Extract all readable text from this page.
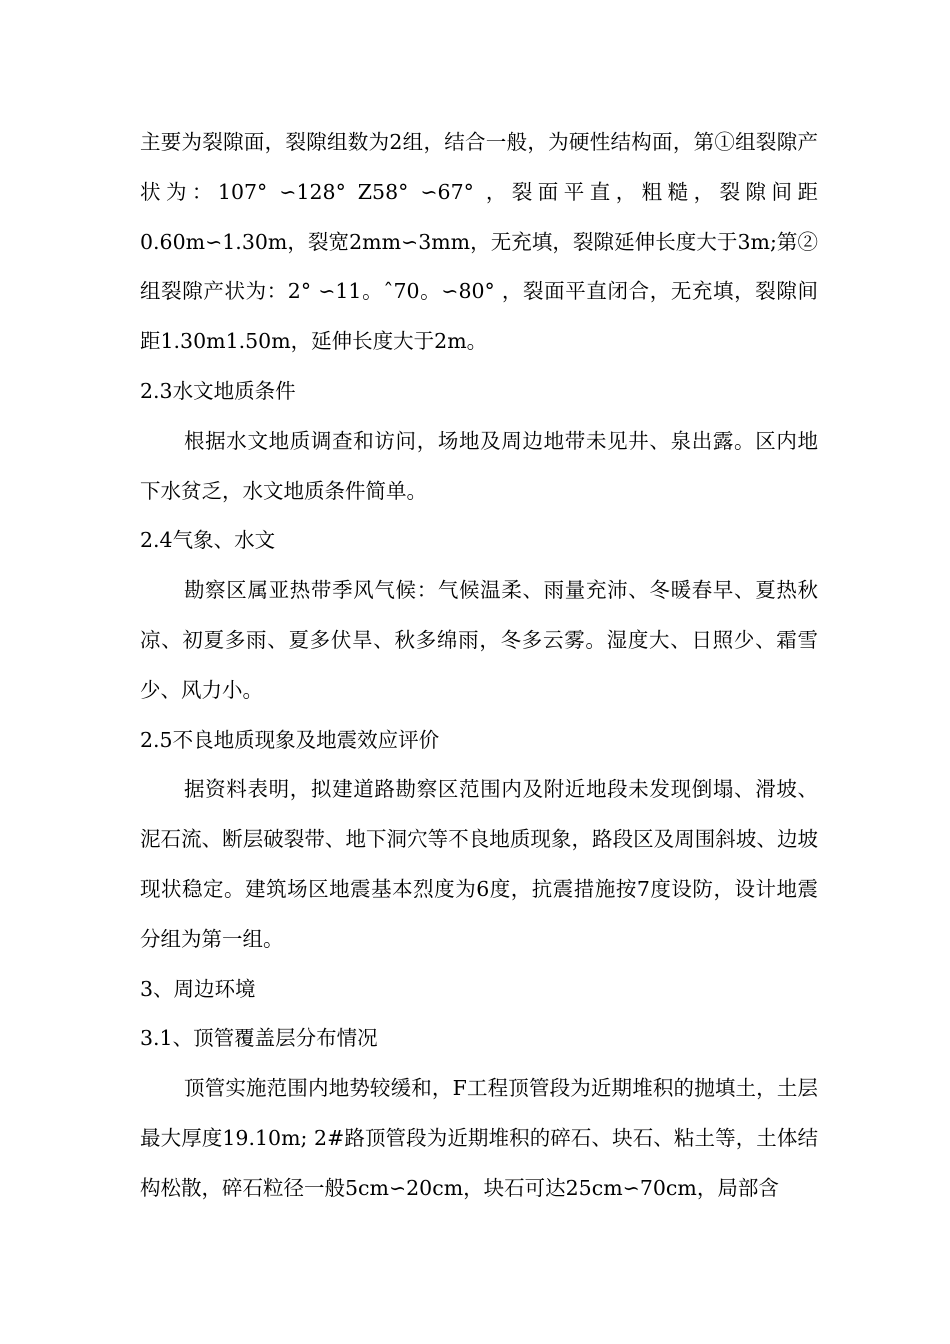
主要为裂隙面，裂隙组数为2组，结合一般，为硬性结构面，第①组裂隙产状为：107° ∽128° Z58° ∽67° ，裂面平直，粗糙，裂隙间距0.60m∽1.30m，裂宽2mm∽3mm，无充填，裂隙延伸长度大于3m;第②组裂隙产状为：2° ∽11。ˆ70。∽80° ，裂面平直闭合，无充填，裂隙间距1.30m1.50m，延伸长度大于2m。

2.3水文地质条件

根据水文地质调查和访问，场地及周边地带未见井、泉出露。区内地下水贫乏，水文地质条件简单。

2.4气象、水文

勘察区属亚热带季风气候：气候温柔、雨量充沛、冬暖春早、夏热秋凉、初夏多雨、夏多伏旱、秋多绵雨，冬多云雾。湿度大、日照少、霜雪少、风力小。

2.5不良地质现象及地震效应评价

据资料表明，拟建道路勘察区范围内及附近地段未发现倒塌、滑坡、泥石流、断层破裂带、地下洞穴等不良地质现象，路段区及周围斜坡、边坡现状稳定。建筑场区地震基本烈度为6度，抗震措施按7度设防，设计地震分组为第一组。

3、周边环境

3.1、顶管覆盖层分布情况

顶管实施范围内地势较缓和，F工程顶管段为近期堆积的抛填土，土层最大厚度19.10m; 2#路顶管段为近期堆积的碎石、块石、粘土等，土体结构松散，碎石粒径一般5cm∽20cm，块石可达25cm∽70cm，局部含
